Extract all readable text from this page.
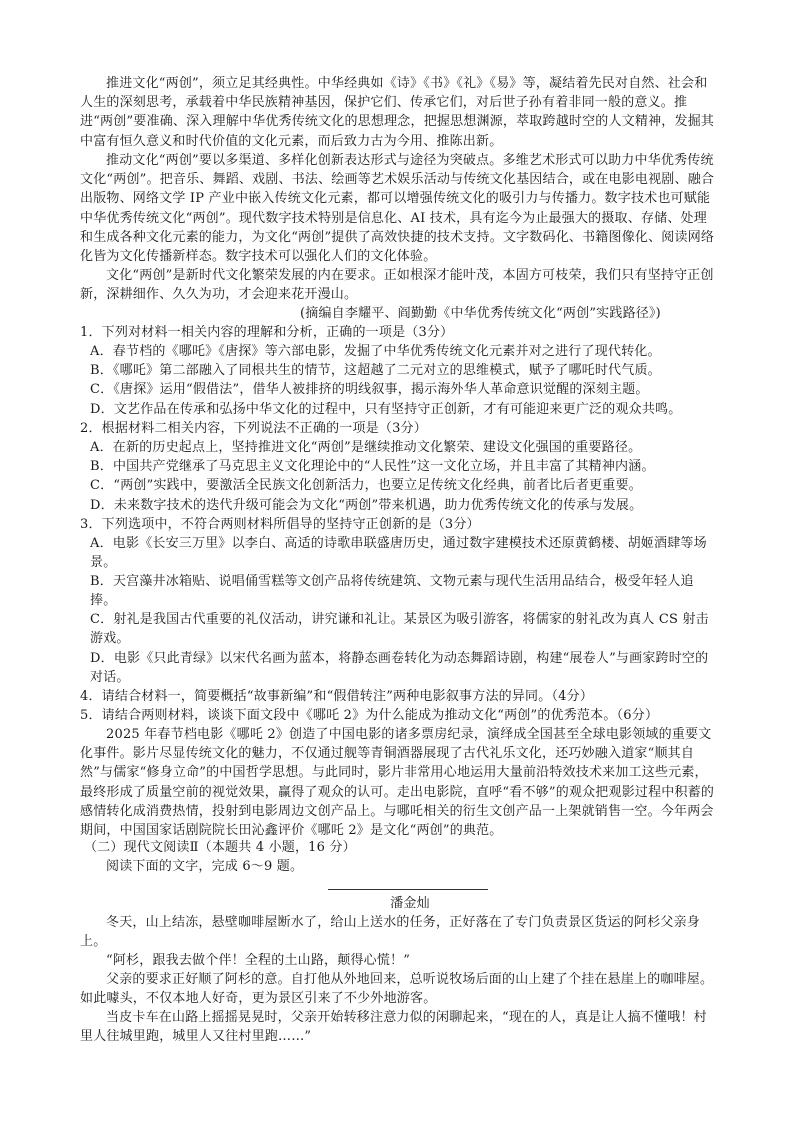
推进文化“两创”，须立足其经典性。中华经典如《诗》《书》《礼》《易》等，凝结着先民对自然、社会和人生的深刻思考，承载着中华民族精神基因，保护它们、传承它们，对后世子孙有着非同一般的意义。推进“两创”要准确、深入理解中华优秀传统文化的思想理念，把握思想渊源，萃取跨越时空的人文精神，发掘其中富有恒久意义和时代价值的文化元素，而后致力古为今用、推陈出新。

推动文化“两创”要以多渠道、多样化创新表达形式与途径为突破点。多维艺术形式可以助力中华优秀传统文化“两创”。把音乐、舞蹈、戏剧、书法、绘画等艺术娱乐活动与传统文化基因结合，或在电影电视剧、融合出版物、网络文学 IP 产业中嵌入传统文化元素，都可以增强传统文化的吸引力与传播力。数字技术也可赋能中华优秀传统文化“两创”。现代数字技术特别是信息化、AI 技术，具有迄今为止最强大的摄取、存储、处理和生成各种文化元素的能力，为文化“两创”提供了高效快捷的技术支持。文字数码化、书籍图像化、阅读网络化皆为文化传播新样态。数字技术可以强化人们的文化体验。

文化“两创”是新时代文化繁荣发展的内在要求。正如根深才能叶茂，本固方可枝荣，我们只有坚持守正创新，深耕细作、久久为功，才会迎来花开漫山。

(摘编自李耀平、阎勤勤《中华优秀传统文化“两创”实践路径》)

1．下列对材料一相关内容的理解和分析，正确的一项是（3分）

A．春节档的《哪吒》《唐探》等六部电影，发掘了中华优秀传统文化元素并对之进行了现代转化。

B．《哪吒》第二部融入了同根共生的情节，这超越了二元对立的思维模式，赋予了哪吒时代气质。

C．《唐探》运用“假借法”，借华人被排挤的明线叙事，揭示海外华人革命意识觉醒的深刻主题。

D．文艺作品在传承和弘扬中华文化的过程中，只有坚持守正创新，才有可能迎来更广泛的观众共鸣。

2．根据材料二相关内容，下列说法不正确的一项是（3分）

A．在新的历史起点上，坚持推进文化“两创”是继续推动文化繁荣、建设文化强国的重要路径。

B．中国共产党继承了马克思主义文化理论中的“人民性”这一文化立场，并且丰富了其精神内涵。

C．“两创”实践中，要激活全民族文化创新活力，也要立足传统文化经典，前者比后者更重要。

D．未来数字技术的迭代升级可能会为文化“两创”带来机遇，助力优秀传统文化的传承与发展。

3．下列选项中，不符合两则材料所倡导的坚持守正创新的是（3分）

A．电影《长安三万里》以李白、高适的诗歌串联盛唐历史，通过数字建模技术还原黄鹤楼、胡姬酒肆等场景。

B．天宫藻井冰箱贴、说唱俑雪糕等文创产品将传统建筑、文物元素与现代生活用品结合，极受年轻人追捧。

C．射礼是我国古代重要的礼仪活动，讲究谦和礼让。某景区为吸引游客，将儒家的射礼改为真人 CS 射击游戏。

D．电影《只此青绿》以宋代名画为蓝本，将静态画卷转化为动态舞蹈诗剧，构建“展卷人”与画家跨时空的对话。

4．请结合材料一，简要概括“故事新编”和“假借转注”两种电影叙事方法的异同。（4分）

5．请结合两则材料，谈谈下面文段中《哪吒 2》为什么能成为推动文化“两创”的优秀范本。（6分）

2025 年春节档电影《哪吒 2》创造了中国电影的诸多票房纪录，演绎成全国甚至全球电影领域的重要文化事件。影片尽显传统文化的魅力，不仅通过舰等青铜酒器展现了古代礼乐文化，还巧妙融入道家“顺其自然”与儒家“修身立命”的中国哲学思想。与此同时，影片非常用心地运用大量前沿特效技术来加工这些元素，最终形成了质量空前的视觉效果，赢得了观众的认可。走出电影院，直呼“看不够”的观众把观影过程中积蓄的感情转化成消费热情，投射到电影周边文创产品上。与哪吒相关的衍生文创产品一上架就销售一空。今年两会期间，中国国家话剧院院长田沁鑫评价《哪吒 2》是文化“两创”的典范。

（二）现代文阅读Ⅱ（本题共 4 小题，16 分）

阅读下面的文字，完成 6～9 题。

潘金灿

冬天，山上结冻，悬壁咖啡屋断水了，给山上送水的任务，正好落在了专门负责景区货运的阿杉父亲身上。

“阿杉，跟我去做个伴！全程的土山路，颠得心慌！”

父亲的要求正好顺了阿杉的意。自打他从外地回来，总听说牧场后面的山上建了个挂在悬崖上的咖啡屋。如此噱头，不仅本地人好奇，更为景区引来了不少外地游客。

当皮卡车在山路上摇摇晃晃时，父亲开始转移注意力似的闲聊起来，“现在的人，真是让人搞不懂哦！村里人往城里跑，城里人又往村里跑……”
